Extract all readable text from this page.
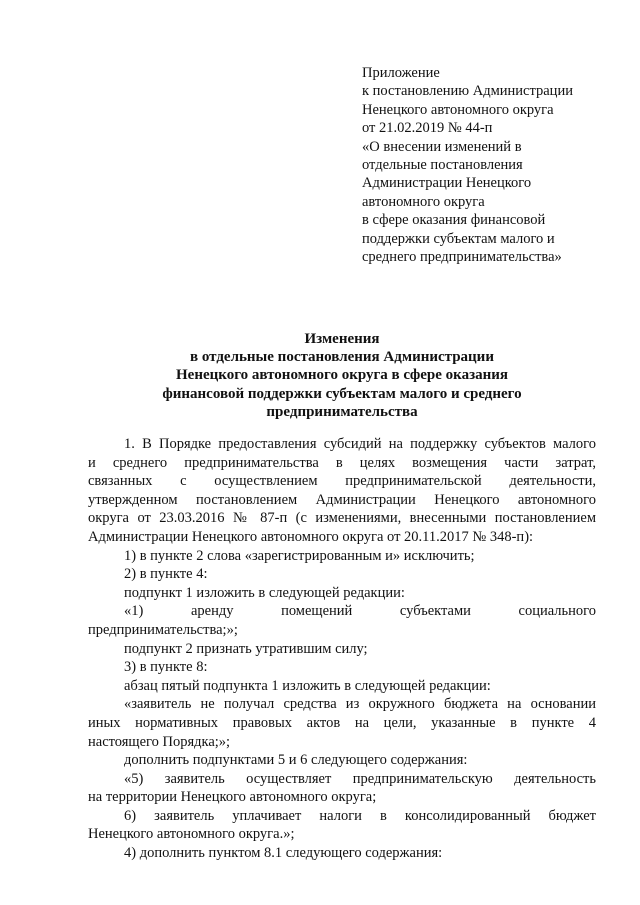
Приложение
к постановлению Администрации
Ненецкого автономного округа
от 21.02.2019 № 44-п
«О внесении изменений в
отдельные постановления
Администрации Ненецкого
автономного округа
в сфере оказания финансовой
поддержки субъектам малого и
среднего предпринимательства»
Изменения
в отдельные постановления Администрации
Ненецкого автономного округа в сфере оказания
финансовой поддержки субъектам малого и среднего
предпринимательства
1. В Порядке предоставления субсидий на поддержку субъектов малого
и среднего предпринимательства в целях возмещения части затрат,
связанных с осуществлением предпринимательской деятельности,
утвержденном постановлением Администрации Ненецкого автономного
округа от 23.03.2016 № 87-п (с изменениями, внесенными постановлением
Администрации Ненецкого автономного округа от 20.11.2017 № 348-п):
1) в пункте 2 слова «зарегистрированным и» исключить;
2) в пункте 4:
подпункт 1 изложить в следующей редакции:
«1) аренду помещений субъектами социального
предпринимательства;»;
подпункт 2 признать утратившим силу;
3) в пункте 8:
абзац пятый подпункта 1 изложить в следующей редакции:
«заявитель не получал средства из окружного бюджета на основании
иных нормативных правовых актов на цели, указанные в пункте 4
настоящего Порядка;»;
дополнить подпунктами 5 и 6 следующего содержания:
«5) заявитель осуществляет предпринимательскую деятельность
на территории Ненецкого автономного округа;
6) заявитель уплачивает налоги в консолидированный бюджет
Ненецкого автономного округа.»;
4) дополнить пунктом 8.1 следующего содержания:
